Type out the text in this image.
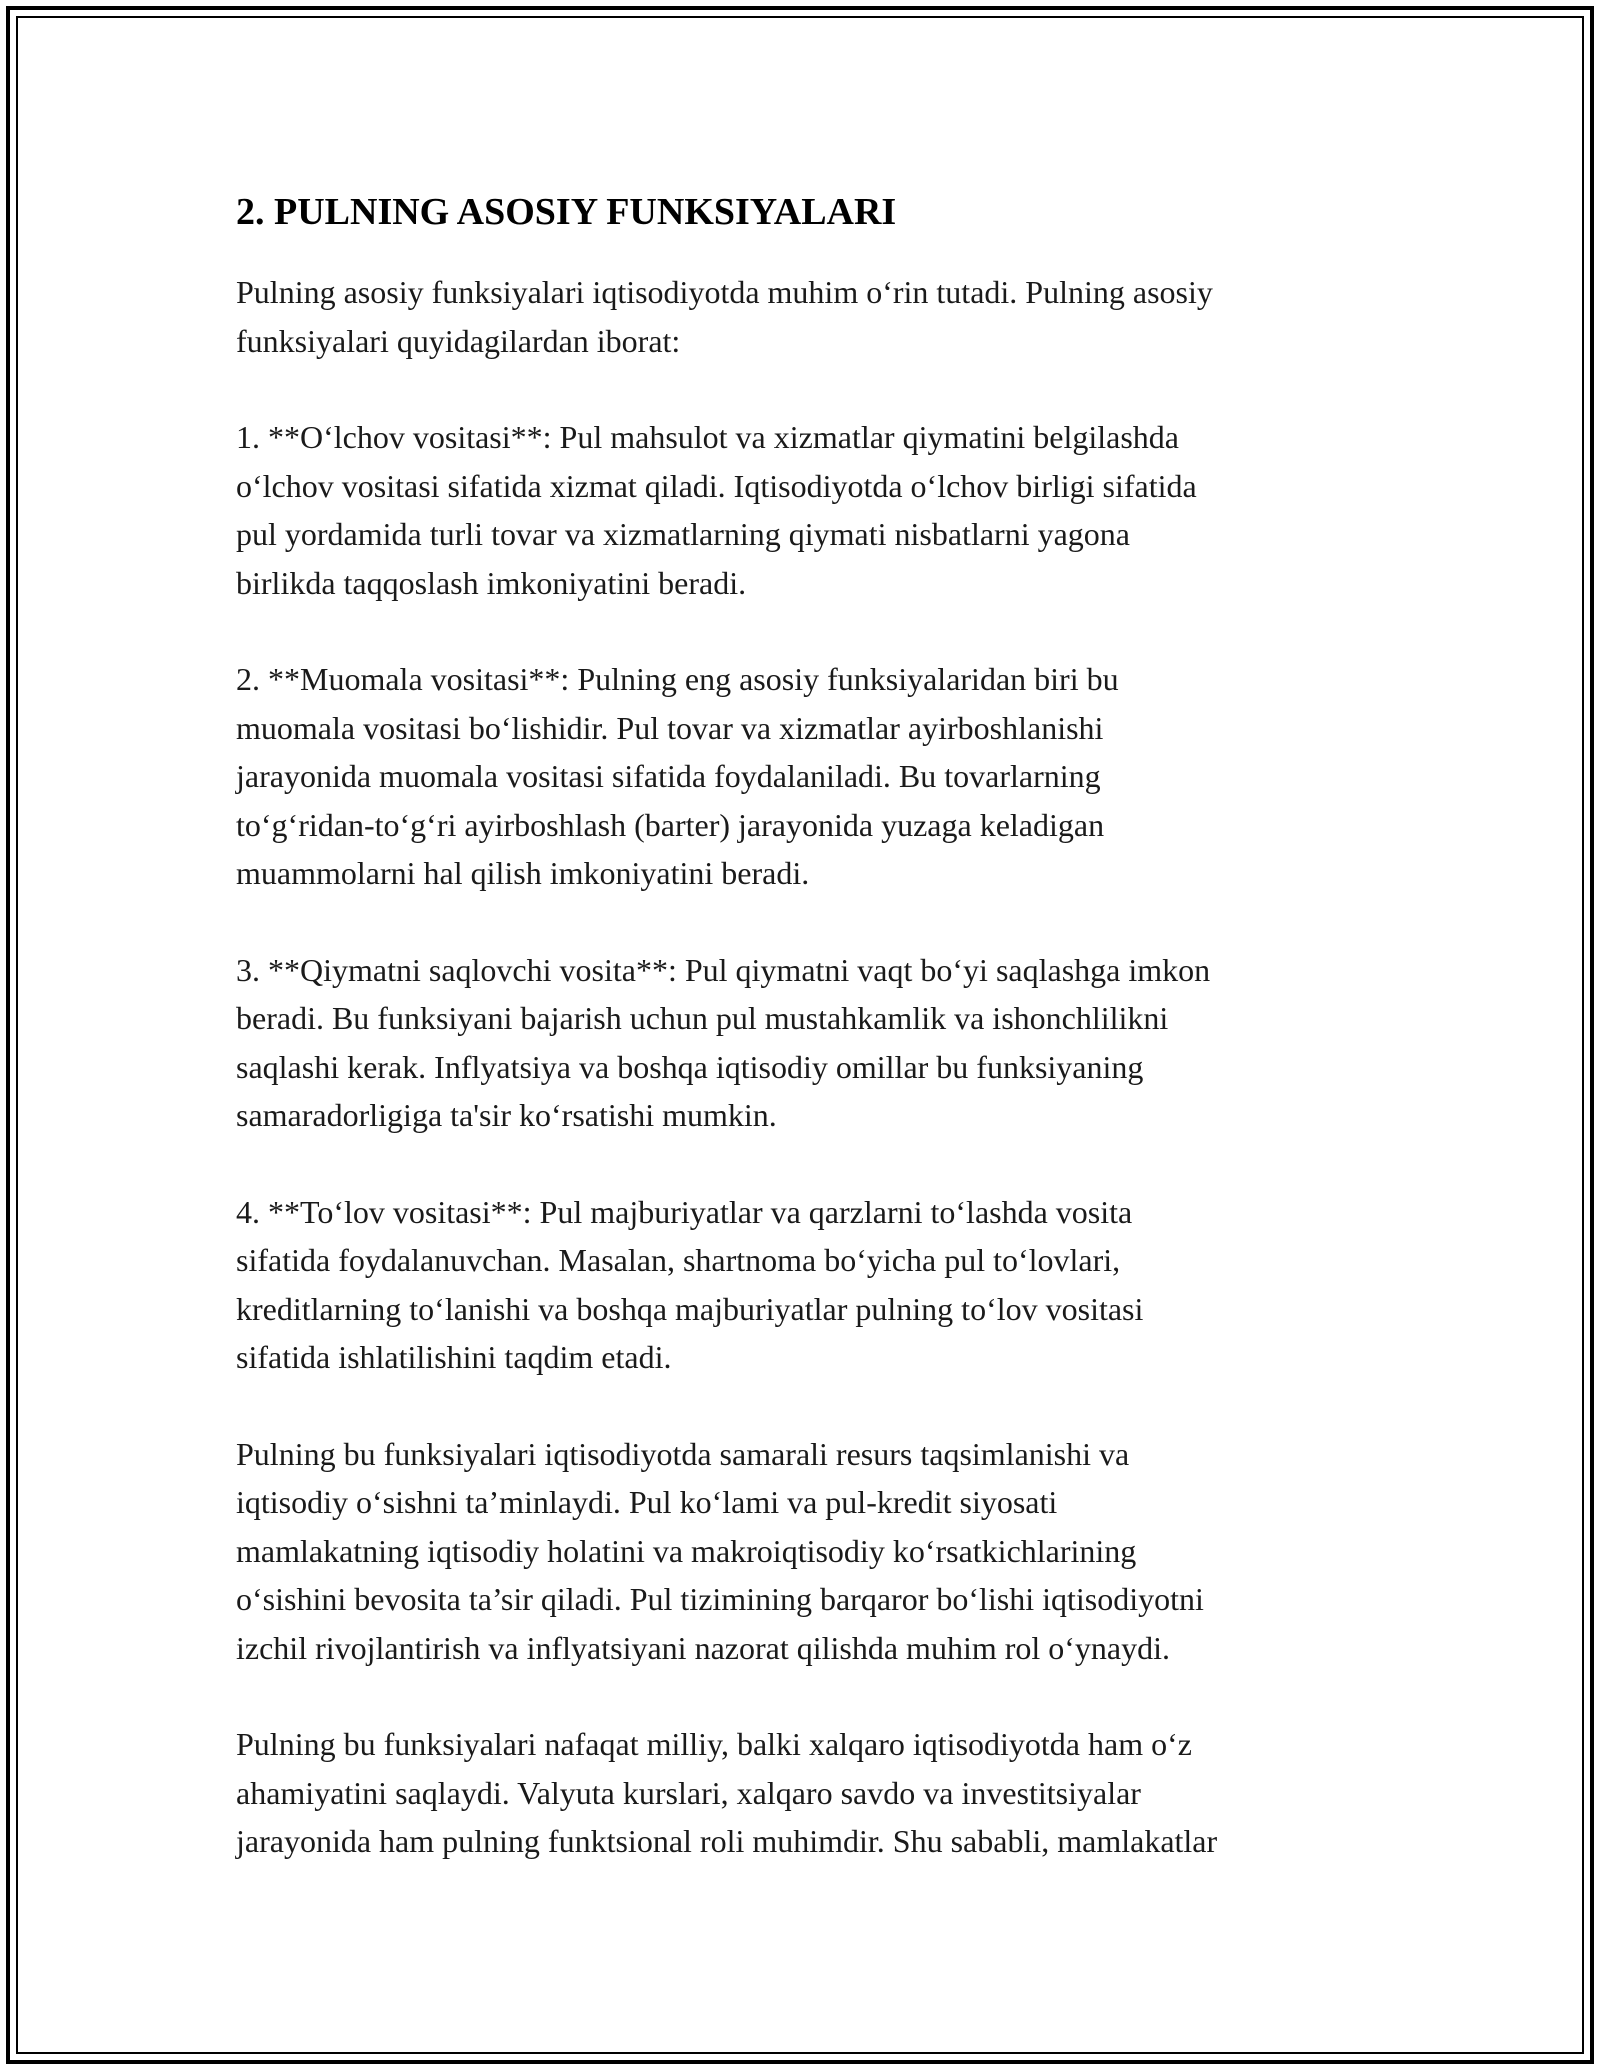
2. PULNING ASOSIY FUNKSIYALARI

Pulning asosiy funksiyalari iqtisodiyotda muhim o‘rin tutadi. Pulning asosiy
funksiyalari quyidagilardan iborat:

1. **O‘lchov vositasi**: Pul mahsulot va xizmatlar qiymatini belgilashda
o‘lchov vositasi sifatida xizmat qiladi. Iqtisodiyotda o‘lchov birligi sifatida
pul yordamida turli tovar va xizmatlarning qiymati nisbatlarni yagona
birlikda taqqoslash imkoniyatini beradi.

2. **Muomala vositasi**: Pulning eng asosiy funksiyalaridan biri bu
muomala vositasi bo‘lishidir. Pul tovar va xizmatlar ayirboshlanishi
jarayonida muomala vositasi sifatida foydalaniladi. Bu tovarlarning
to‘g‘ridan-to‘g‘ri ayirboshlash (barter) jarayonida yuzaga keladigan
muammolarni hal qilish imkoniyatini beradi.

3. **Qiymatni saqlovchi vosita**: Pul qiymatni vaqt bo‘yi saqlashga imkon
beradi. Bu funksiyani bajarish uchun pul mustahkamlik va ishonchlilikni
saqlashi kerak. Inflyatsiya va boshqa iqtisodiy omillar bu funksiyaning
samaradorligiga ta'sir ko‘rsatishi mumkin.

4. **To‘lov vositasi**: Pul majburiyatlar va qarzlarni to‘lashda vosita
sifatida foydalanuvchan. Masalan, shartnoma bo‘yicha pul to‘lovlari,
kreditlarning to‘lanishi va boshqa majburiyatlar pulning to‘lov vositasi
sifatida ishlatilishini taqdim etadi.

Pulning bu funksiyalari iqtisodiyotda samarali resurs taqsimlanishi va
iqtisodiy o‘sishni ta’minlaydi. Pul ko‘lami va pul-kredit siyosati
mamlakatning iqtisodiy holatini va makroiqtisodiy ko‘rsatkichlarining
o‘sishini bevosita ta’sir qiladi. Pul tizimining barqaror bo‘lishi iqtisodiyotni
izchil rivojlantirish va inflyatsiyani nazorat qilishda muhim rol o‘ynaydi.

Pulning bu funksiyalari nafaqat milliy, balki xalqaro iqtisodiyotda ham o‘z
ahamiyatini saqlaydi. Valyuta kurslari, xalqaro savdo va investitsiyalar
jarayonida ham pulning funktsional roli muhimdir. Shu sababli, mamlakatlar
